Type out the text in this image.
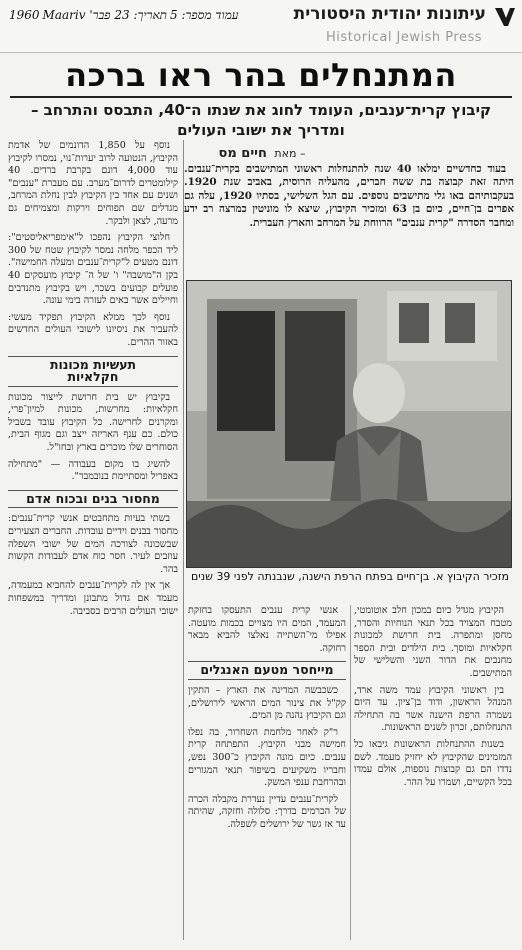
עיתונות יהודית היסטורית
Historical Jewish Press
עמוד מספר: 5תאריך: 23 פבר' 1960Maariv
המתנחלים בהר ראו ברכה
קיבוץ קרית־ענבים, העומד לחוג את שנתו ה־40, התבסס והתרחב – ומדריך את ישובי העולים
– מאת חיים מס

בעוד כחדשיים ימלאו 40 שנה להתנחלות ראשוני המתישבים בקרית־ענבים. היתה זאת קבוצה בת ששה חברים, מהעליה הרוסית, באביב שנת 1920. בעקבותיהם באו גלי מתישבים נוספים. עם הגל השלישי, בסתיו 1920, עלה גם אפרים בן־חיים, כיום בן 63 ומזכיר הקיבוץ, שיצא לו מוניטין כמרצה רב ידע ומחבר הסדרה "קרית ענבים" הרווחת על המרחב והארץ העברית.

מזכיר הקיבוץ א. בן־חיים בפתח הרפת הישנה, שנבנתה לפני 39 שנים

הקיבוץ מגדל כיום במכון חלב אוטומטי, מטבח המצויד בכל תנאי הנוחיות והסדר, מחסן ומתפרה. בית חרושת למכונות חקלאיות ומוסך. בית הילדים ובית הספר מחנכים את הדור השני והשלישי של המתישבים.

בין ראשוני הקיבוץ עמד משה ארד, המנהל הראשון, ודוד בן־ציון. עד היום נשמרה הרפת הישנה אשר בה התחילה התנחלותם, זכרון לשנים הראשונות.

בשנות ההתנחלות הראשונות גיבאו כל המזמינים שהקיבוץ לא יחזיק מעמד. לשם נדדו הם גם קבוצות נוספות, אולם עמדו בכל הקשיים, ושמרו על ההר.

אנשי קרית ענבים התעסקו בחזקת המעמד, המים היו מצויים בכמות מועטה. אפילו מי־השתייה נאלצו להביא מבאר רחוקה.

מייחסר מטעם האנגלים

כשכבשה המדינה את הארץ – התקין קק"ל את צינור המים הראשי לירושלים, וגם הקיבוץ נהנה מן המים.

ר"ק לאחר מלחמת השחרור, בה נפלו חמישה מבני הקיבוץ. התפתחה קרית ענבים. כיום מונה הקיבוץ כ־300 נפש, וחבריו משקיעים בשיפור תנאי המגורים ובהרחבת ענפי המשק.

לקרית־ענבים עדיין נעדרת מקבלה הכרה של הכרמים בדרך: סלולה וחזקה, שהיתה עד אז גשר של ירושלים לשפלה.

נוסף על 1,850 הדונמים של אדמת הקיבוץ, הנטועה לרוב יערות־נוי, נמסרו לקיבוץ עוד 4,000 דונם בקרבת ברדים. 40 קילומטרים לדרום־מערב. עם מעברת "ענבים" ושנים עם אחד בין הקיבוץ לבין נחלת המרחב, מגדלים שם תפוחים וירקות ומצמיחים גם מרעה, לצאן ולבקר.

חלוצי הקיבוץ נהפכו ל"אימפריאליסטים": ליד הכפר מלחה נמסר לקיבוץ שטח של 300 דונם מטעים ל"קרית־ענבים ומעלה החמישה". בקן ה"מושבה" ו' של ה־ קיבוץ מועסקים 40 פועלים קבועים בשכר, ויש בקיבוץ מתנדבים וחיילים אשר באים לעזרה בימי עונה.

נוסף לכך ממלא הקיבוץ תפקיד מעשי: להעביר את ניסיונו לישובי העולים החדשים באזור ההרים.

תעשיות מכונות
חקלאיות

בקיבוץ יש בית חרושת לייצור מכונות חקלאיות: מחרשות, מכונות למיון־פרי, ומקרנים לחרישה. כל הקיבוץ עובד בשביל כולם. כם ענף האריזה ייצב וגם מגוף הבית, הסוחרים שלו מוכרים בארץ ובחו"ל.

להשיג בו מקום בעבודה — "מתחילה באפריל ומסתיימת בנובמבר".

מחסור בנים ובכוח אדם

בשתי בעיות מתחבטים אנשי קרית־ענבים: מחסור בבנים וידיים עובדות. החברים הצעירים שבשכונה לצורכה המים של ישובי השפלה עוזבים לעיר. חסר כוח אדם לעבודות הקשות בהר.

אך אין לה לקרית־ענבים להחביא במעמדה, מעמד אם גדול מתבונן ומדריך במשפחות ישובי העולים הרבים בסביבה.
